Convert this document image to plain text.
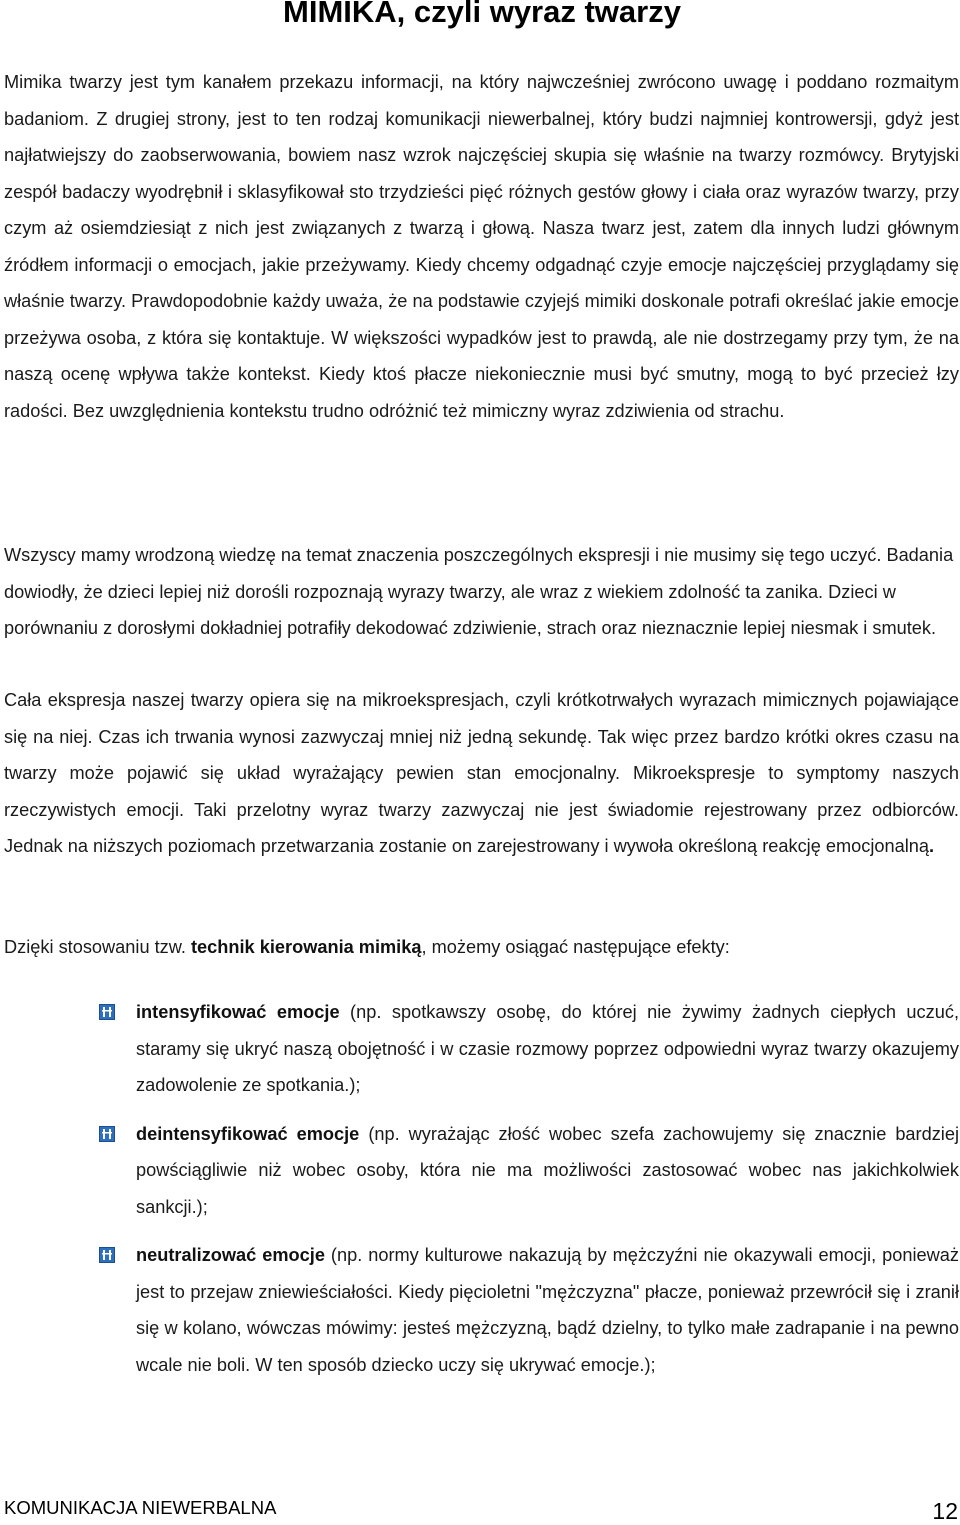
MIMIKA, czyli wyraz twarzy

Mimika twarzy jest tym kanałem przekazu informacji, na który najwcześniej zwrócono uwagę i poddano rozmaitym badaniom. Z drugiej strony, jest to ten rodzaj komunikacji niewerbalnej, który budzi najmniej kontrowersji, gdyż jest najłatwiejszy do zaobserwowania, bowiem nasz wzrok najczęściej skupia się właśnie na twarzy rozmówcy. Brytyjski zespół badaczy wyodrębnił i sklasyfikował sto trzydzieści pięć różnych gestów głowy i ciała oraz wyrazów twarzy, przy czym aż osiemdziesiąt z nich jest związanych z twarzą i głową. Nasza twarz jest, zatem dla innych ludzi głównym źródłem informacji o emocjach, jakie przeżywamy. Kiedy chcemy odgadnąć czyje emocje najczęściej przyglądamy się właśnie twarzy. Prawdopodobnie każdy uważa, że na podstawie czyjejś mimiki doskonale potrafi określać jakie emocje przeżywa osoba, z która się kontaktuje. W większości wypadków jest to prawdą, ale nie dostrzegamy przy tym, że na naszą ocenę wpływa także kontekst. Kiedy ktoś płacze niekoniecznie musi być smutny, mogą to być przecież łzy radości. Bez uwzględnienia kontekstu trudno odróżnić też mimiczny wyraz zdziwienia od strachu.

Wszyscy mamy wrodzoną wiedzę na temat znaczenia poszczególnych ekspresji i nie musimy się tego uczyć. Badania dowiodły, że dzieci lepiej niż dorośli rozpoznają wyrazy twarzy, ale wraz z wiekiem zdolność ta zanika. Dzieci w porównaniu z dorosłymi dokładniej potrafiły dekodować zdziwienie, strach oraz nieznacznie lepiej niesmak i smutek.

Cała ekspresja naszej twarzy opiera się na mikroekspresjach, czyli krótkotrwałych wyrazach mimicznych pojawiające się na niej. Czas ich trwania wynosi zazwyczaj mniej niż jedną sekundę. Tak więc przez bardzo krótki okres czasu na twarzy może pojawić się układ wyrażający pewien stan emocjonalny. Mikroekspresje to symptomy naszych rzeczywistych emocji. Taki przelotny wyraz twarzy zazwyczaj nie jest świadomie rejestrowany przez odbiorców. Jednak na niższych poziomach przetwarzania zostanie on zarejestrowany i wywoła określoną reakcję emocjonalną.

Dzięki stosowaniu tzw. technik kierowania mimiką, możemy osiągać następujące efekty:

intensyfikować emocje (np. spotkawszy osobę, do której nie żywimy żadnych ciepłych uczuć, staramy się ukryć naszą obojętność i w czasie rozmowy poprzez odpowiedni wyraz twarzy okazujemy zadowolenie ze spotkania.);
deintensyfikować emocje (np. wyrażając złość wobec szefa zachowujemy się znacznie bardziej powściągliwie niż wobec osoby, która nie ma możliwości zastosować wobec nas jakichkolwiek sankcji.);
neutralizować emocje (np. normy kulturowe nakazują by mężczyźni nie okazywali emocji, ponieważ jest to przejaw zniewieściałości. Kiedy pięcioletni "mężczyzna" płacze, ponieważ przewrócił się i zranił się w kolano, wówczas mówimy: jesteś mężczyzną, bądź dzielny, to tylko małe zadrapanie i na pewno wcale nie boli. W ten sposób dziecko uczy się ukrywać emocje.);
KOMUNIKACJA NIEWERBALNA	12
